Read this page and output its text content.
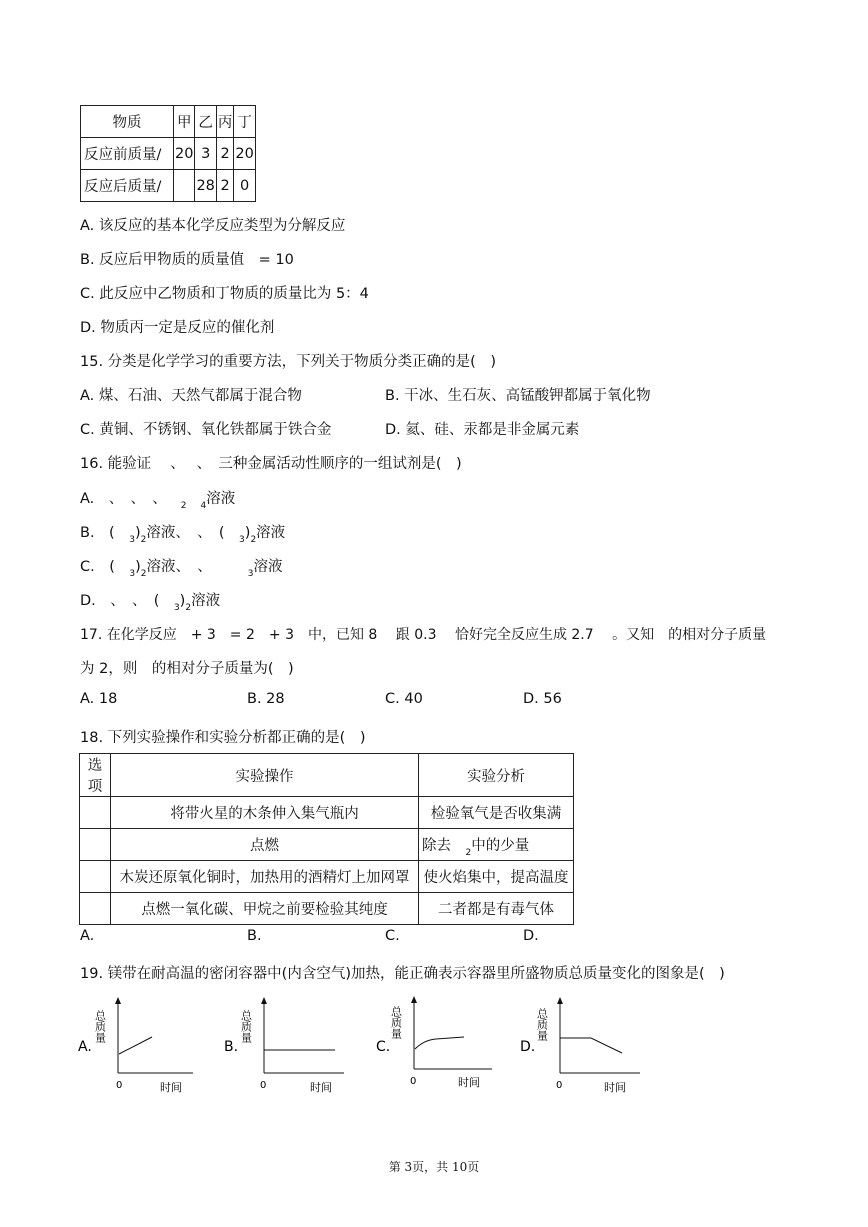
物质	甲	乙	丙	丁
反应前质量/	20	3	2	20
反应后质量/		28	2	0
A. 该反应的基本化学反应类型为分解反应
B. 反应后甲物质的质量值　= 10
C. 此反应中乙物质和丁物质的质量比为 5：4
D. 物质丙一定是反应的催化剂
15. 分类是化学学习的重要方法，下列关于物质分类正确的是(　)
A. 煤、石油、天然气都属于混合物	B. 干冰、生石灰、高锰酸钾都属于氧化物
C. 黄铜、不锈钢、氧化铁都属于铁合金	D. 氦、硅、汞都是非金属元素
16. 能验证　 、　 、　三种金属活动性顺序的一组试剂是(　)
A.　、　、　、 $_2$ $_4$溶液
B.　(　$_3)_2$溶液、　、　(　$_3)_2$溶液
C.　(　$_3)_2$溶液、　、	$_3$溶液
D.　、　、　(　$_3)_2$溶液
17. 在化学反应　+ 3　= 2　+ 3　中，已知 8　 跟 0.3　 恰好完全反应生成 2.7　 。又知　的相对分子质量
为 2，则　的相对分子质量为(　)
A. 18	B. 28	C. 40	D. 56
18. 下列实验操作和实验分析都正确的是(　)
选项	实验操作	实验分析
	将带火星的木条伸入集气瓶内	检验氧气是否收集满
	点燃	除去　$_2$中的少量
	木炭还原氧化铜时，加热用的酒精灯上加网罩	使火焰集中，提高温度
	点燃一氧化碳、甲烷之前要检验其纯度	二者都是有毒气体
A.	B.	C.	D.
19. 镁带在耐高温的密闭容器中(内含空气)加热，能正确表示容器里所盛物质总质量变化的图象是(　)
A.
总质量
0	时间
B.
总质量
0	时间
C.
总质量
0	时间
D.
总质量
0	时间
第 3页，共 10页
